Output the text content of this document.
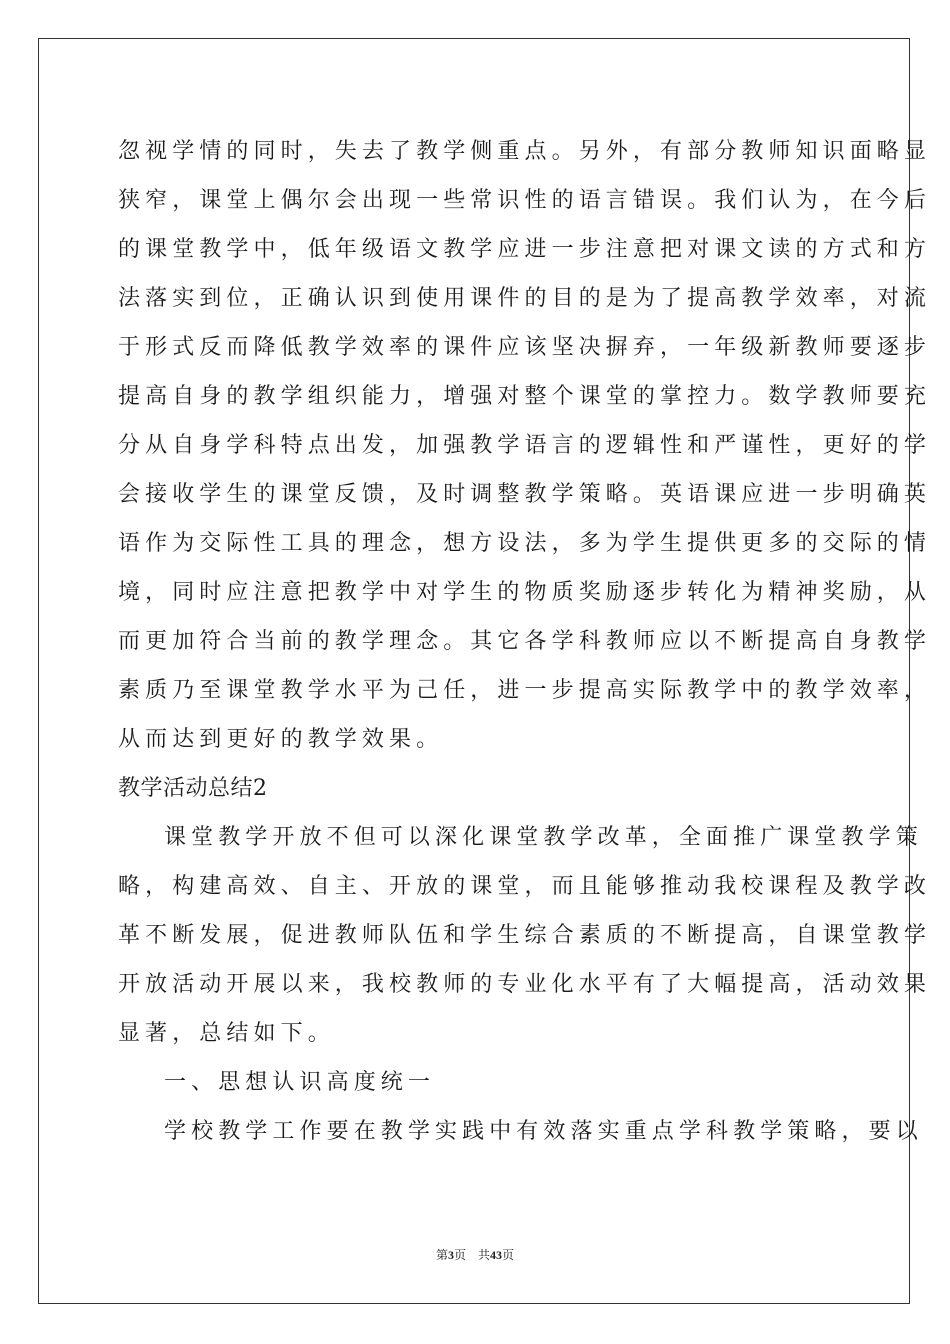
忽视学情的同时，失去了教学侧重点。另外，有部分教师知识面略显
狭窄，课堂上偶尔会出现一些常识性的语言错误。我们认为，在今后
的课堂教学中，低年级语文教学应进一步注意把对课文读的方式和方
法落实到位，正确认识到使用课件的目的是为了提高教学效率，对流
于形式反而降低教学效率的课件应该坚决摒弃，一年级新教师要逐步
提高自身的教学组织能力，增强对整个课堂的掌控力。数学教师要充
分从自身学科特点出发，加强教学语言的逻辑性和严谨性，更好的学
会接收学生的课堂反馈，及时调整教学策略。英语课应进一步明确英
语作为交际性工具的理念，想方设法，多为学生提供更多的交际的情
境，同时应注意把教学中对学生的物质奖励逐步转化为精神奖励，从
而更加符合当前的教学理念。其它各学科教师应以不断提高自身教学
素质乃至课堂教学水平为己任，进一步提高实际教学中的教学效率，
从而达到更好的教学效果。
教学活动总结2
课堂教学开放不但可以深化课堂教学改革，全面推广课堂教学策
略，构建高效、自主、开放的课堂，而且能够推动我校课程及教学改
革不断发展，促进教师队伍和学生综合素质的不断提高，自课堂教学
开放活动开展以来，我校教师的专业化水平有了大幅提高，活动效果
显著，总结如下。
一、思想认识高度统一
学校教学工作要在教学实践中有效落实重点学科教学策略，要以
第3页 共43页
